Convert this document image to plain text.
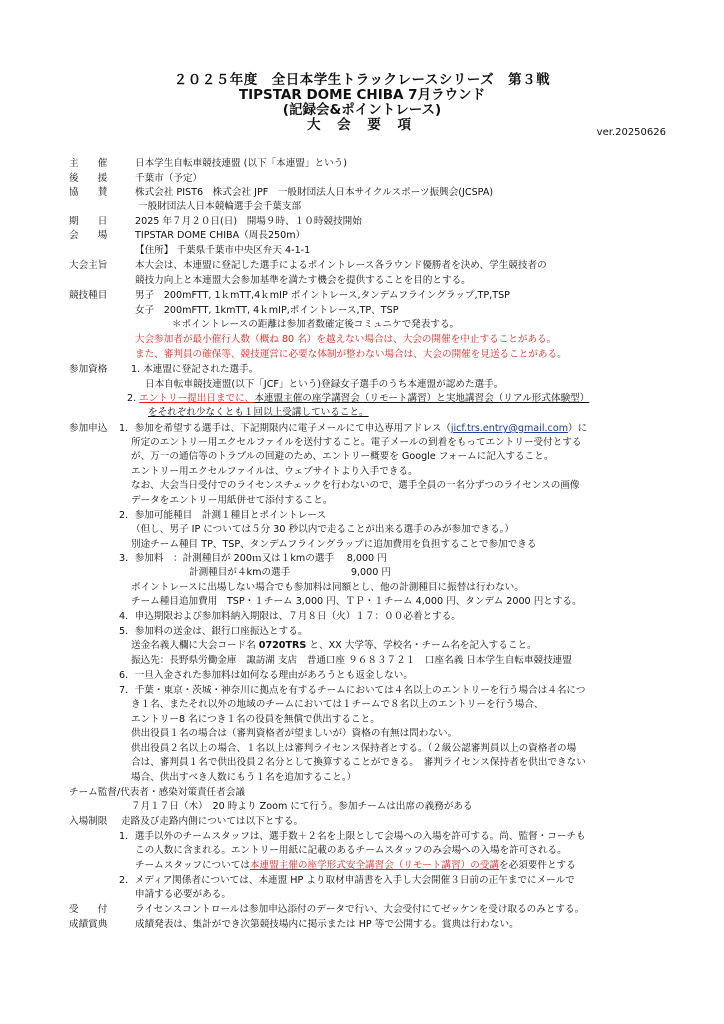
２０２５年度　全日本学生トラックレースシリーズ　第３戦
TIPSTAR DOME CHIBA 7月ラウンド
(記録会&ポイントレース)
大 会 要 項	ver.20250626
主　　催	日本学生自転車競技連盟 (以下「本連盟」という)
後　　援	千葉市（予定）
協　　賛	株式会社 PIST6　株式会社 JPF　一般財団法人日本サイクルスポーツ振興会(JCSPA)
一般財団法人日本競輪選手会千葉支部
期　　日	2025 年７月２０日(日)　開場９時、１０時競技開始
会　　場	TIPSTAR DOME CHIBA（周長250m）
【住所】 千葉県千葉市中央区弁天 4-1-1
大会主旨	本大会は、本連盟に登記した選手によるポイントレース各ラウンド優勝者を決め、学生競技者の
競技力向上と本連盟大会参加基準を満たす機会を提供することを目的とする。
競技種目	男子　200mFTT, 1ｋmTT,4ｋmIP ポイントレース,タンデムフライングラップ,TP,TSP
女子　200mFTT, 1kmTT, 4ｋmIP,ポイントレース,TP、TSP
＊ポイントレースの距離は参加者数確定後コミュニケで発表する。
大会参加者が最小催行人数（概ね 80 名）を越えない場合は、大会の開催を中止することがある。
また、審判員の確保等、競技運営に必要な体制が整わない場合は、大会の開催を見送ることがある。
参加資格 1. 本連盟に登記された選手。
日本自転車競技連盟(以下「JCF」という)登録女子選手のうち本連盟が認めた選手。
2. エントリー提出日までに、本連盟主催の座学講習会（リモート講習）と実地講習会（リアル形式体験型）
をそれぞれ少なくとも１回以上受講していること。
参加申込 1．参加を希望する選手は、下記期限内に電子メールにて申込専用アドレス（jicf.trs.entry@gmail.com）に
所定のエントリー用エクセルファイルを送付すること。電子メールの到着をもってエントリー受付とする
が、万一の通信等のトラブルの回避のため、エントリー概要を Google フォームに記入すること。
エントリー用エクセルファイルは、ウェブサイトより入手できる。
なお、大会当日受付でのライセンスチェックを行わないので、選手全員の一名分ずつのライセンスの画像
データをエントリー用紙併せて添付すること。
2．参加可能種目　計測１種目とポイントレース
（但し、男子 IP については５分 30 秒以内で走ることが出来る選手のみが参加できる。）
別途チーム種目 TP、TSP、タンデムフライングラップに追加費用を負担することで参加できる
3．参加料　：計測種目が 200ｍ又は１kmの選手　 8,000 円
計測種目が４kmの選手　　　　　　 9,000 円
ポイントレースに出場しない場合でも参加料は同額とし、他の計測種目に振替は行わない。
チーム種目追加費用　TSP・１チーム 3,000 円、ＴＰ・１チーム 4,000 円、タンデム 2000 円とする。
4．申込期限および参加料納入期限は、７月８日（火）１７：００必着とする。
5．参加料の送金は、銀行口座振込とする。
送金名義人欄に大会コード名 0720TRS と、XX 大学等、学校名・チーム名を記入すること。
振込先：長野県労働金庫　諏訪湖 支店　普通口座 ９６８３７２１　口座名義 日本学生自転車競技連盟
6．一旦入金された参加料は如何なる理由があろうとも返金しない。
7．千葉・東京・茨城・神奈川に拠点を有するチームにおいては４名以上のエントリーを行う場合は４名につ
き１名、またそれ以外の地域のチームにおいては１チームで８名以上のエントリーを行う場合、
エントリー8 名につき１名の役員を無償で供出すること。
供出役員１名の場合は（審判資格者が望ましいが）資格の有無は問わない。
供出役員２名以上の場合、１名以上は審判ライセンス保持者とする。（２級公認審判員以上の資格者の場
合は、審判員１名で供出役員２名分として換算することができる。　審判ライセンス保持者を供出できない
場合、供出すべき人数にもう１名を追加すること。）
チーム監督/代表者・感染対策責任者会議
７月１７日（木）　20 時より Zoom にて行う。参加チームは出席の義務がある
入場制限 走路及び走路内側については以下とする。
1．選手以外のチームスタッフは、選手数＋２名を上限として会場への入場を許可する。尚、監督・コーチも
この人数に含まれる。エントリー用紙に記載のあるチームスタッフのみ会場への入場を許可される。
チームスタッフについては本連盟主催の座学形式安全講習会（リモート講習）の受講を必須要件とする
2．メディア関係者については、本連盟 HP より取材申請書を入手し大会開催３日前の正午までにメールで
申請する必要がある。
受　　付	ライセンスコントロールは参加申込添付のデータで行い、大会受付にてゼッケンを受け取るのみとする。
成績賞典	成績発表は、集計ができ次第競技場内に掲示または HP 等で公開する。賞典は行わない。
